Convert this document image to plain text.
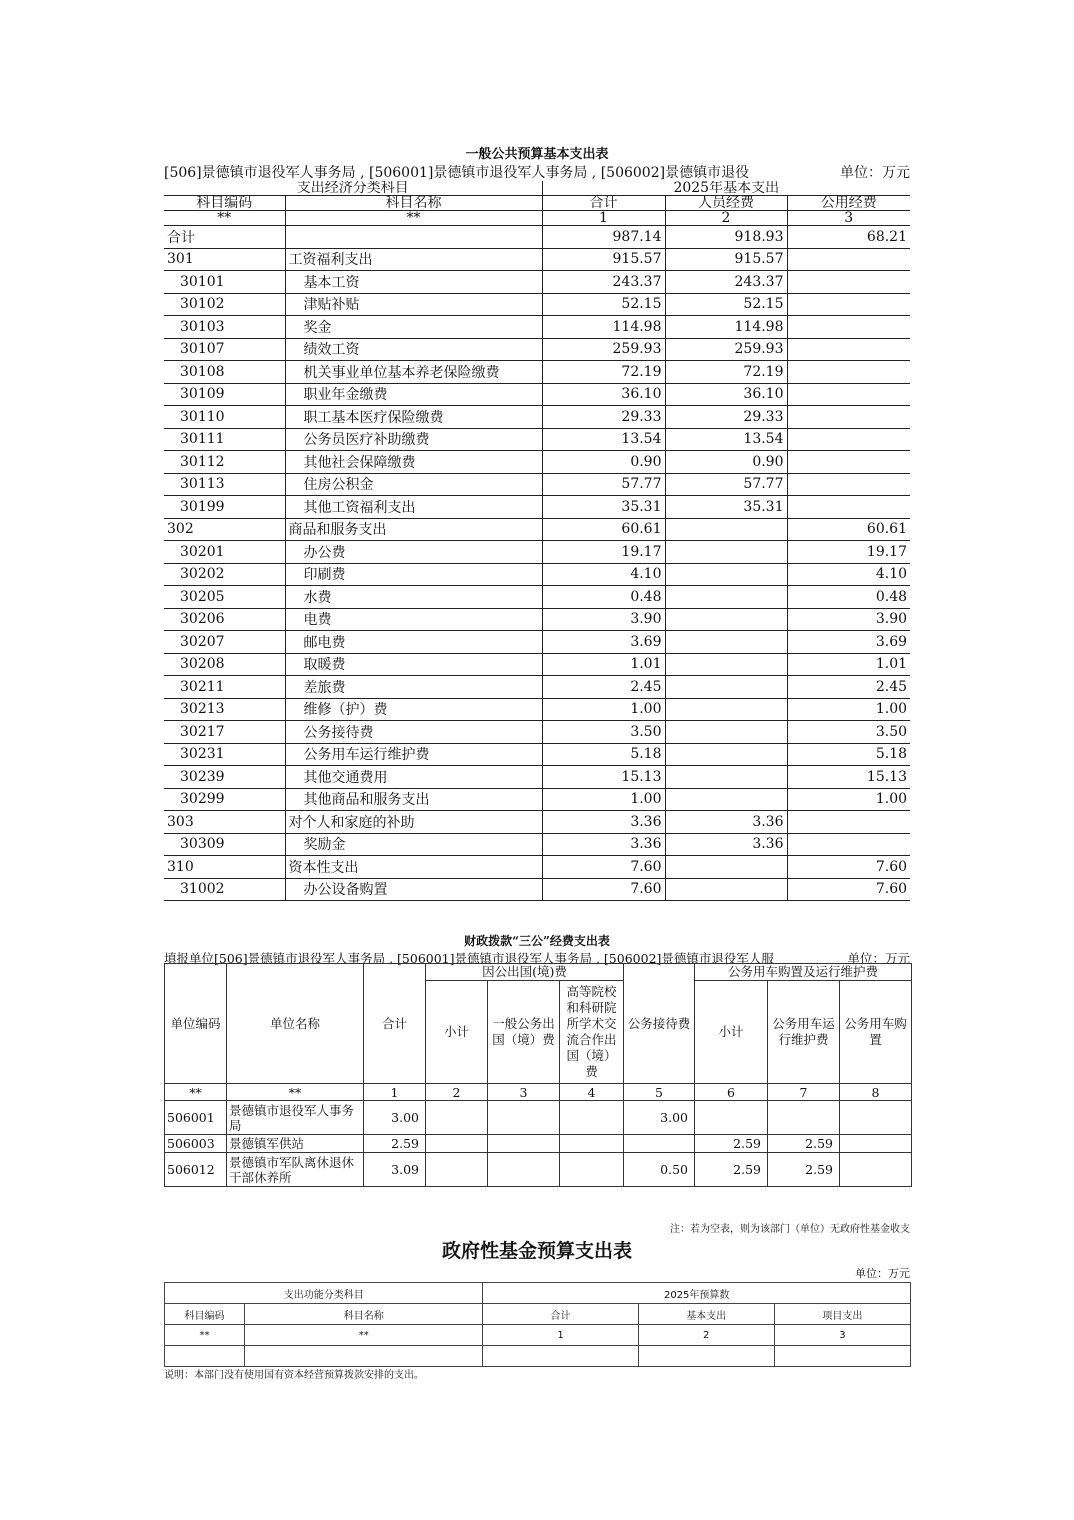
一般公共预算基本支出表
[506]景德镇市退役军人事务局 , [506001]景德镇市退役军人事务局 , [506002]景德镇市退役	单位：万元
支出经济分类科目		2025年基本支出		
科目编码	科目名称	合计	人员经费	公用经费
**	**	1	2	3
合计		987.14	918.93	68.21
301	工资福利支出	915.57	915.57	
30101	基本工资	243.37	243.37	
30102	津贴补贴	52.15	52.15	
30103	奖金	114.98	114.98	
30107	绩效工资	259.93	259.93	
30108	机关事业单位基本养老保险缴费	72.19	72.19	
30109	职业年金缴费	36.10	36.10	
30110	职工基本医疗保险缴费	29.33	29.33	
30111	公务员医疗补助缴费	13.54	13.54	
30112	其他社会保障缴费	0.90	0.90	
30113	住房公积金	57.77	57.77	
30199	其他工资福利支出	35.31	35.31	
302	商品和服务支出	60.61		60.61
30201	办公费	19.17		19.17
30202	印刷费	4.10		4.10
30205	水费	0.48		0.48
30206	电费	3.90		3.90
30207	邮电费	3.69		3.69
30208	取暖费	1.01		1.01
30211	差旅费	2.45		2.45
30213	维修（护）费	1.00		1.00
30217	公务接待费	3.50		3.50
30231	公务用车运行维护费	5.18		5.18
30239	其他交通费用	15.13		15.13
30299	其他商品和服务支出	1.00		1.00
303	对个人和家庭的补助	3.36	3.36	
30309	奖励金	3.36	3.36	
310	资本性支出	7.60		7.60
31002	办公设备购置	7.60		7.60
财政拨款“三公”经费支出表
填报单位[506]景德镇市退役军人事务局 , [506001]景德镇市退役军人事务局 , [506002]景德镇市退役军人服	单位：万元
单位编码	单位名称	合计	因公出国(境)费			公务接待费	公务用车购置及运行维护费		
			小计	一般公务出国（境）费	高等院校和科研院所学术交流合作出国（境）费		小计	公务用车运行维护费	公务用车购置
**	**	1	2	3	4	5	6	7	8
506001	景德镇市退役军人事务局	3.00				3.00			
506003	景德镇军供站	2.59					2.59	2.59	
506012	景德镇市军队离休退休干部休养所	3.09				0.50	2.59	2.59	
注：若为空表，则为该部门（单位）无政府性基金收支
政府性基金预算支出表
单位：万元
支出功能分类科目		2025年预算数		
科目编码	科目名称	合计	基本支出	项目支出
**	**	1	2	3

说明：本部门没有使用国有资本经营预算拨款安排的支出。
